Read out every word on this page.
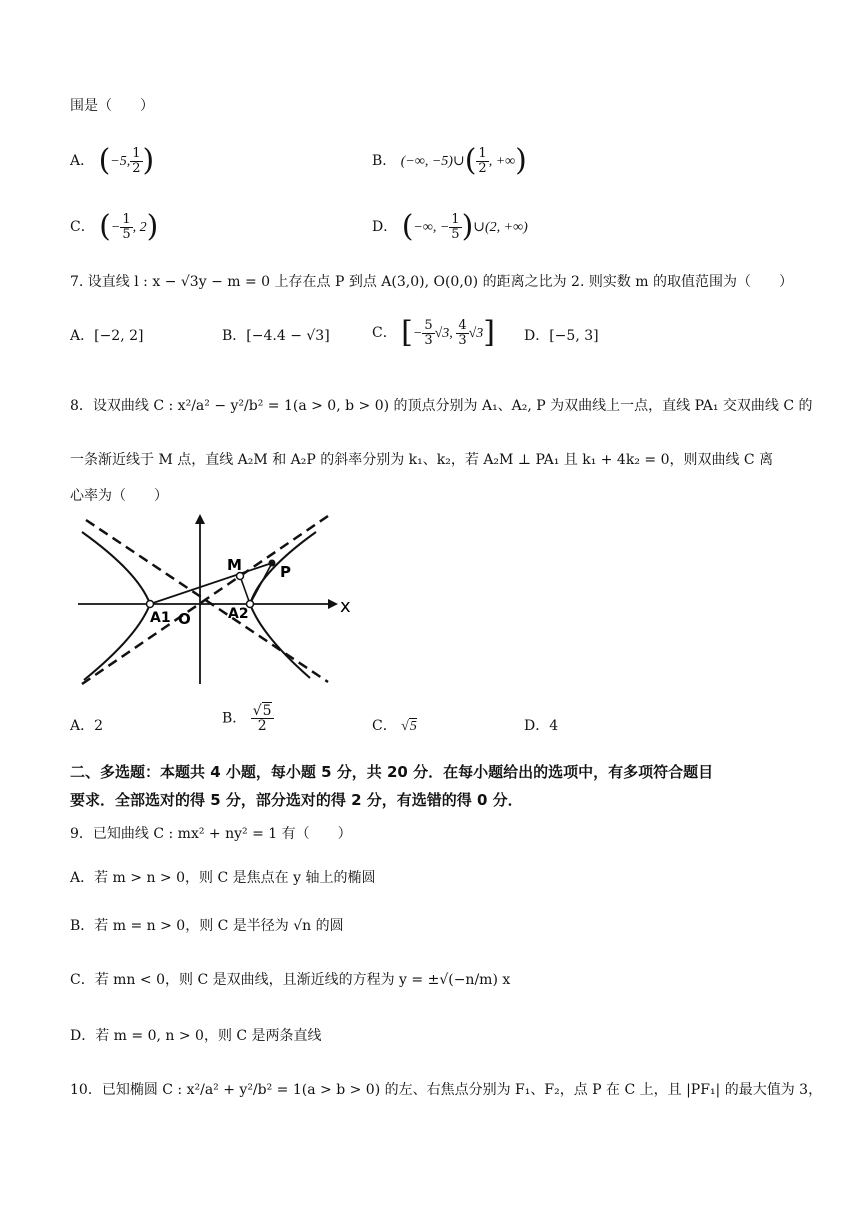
围是（　　）
A． (−5, $\frac{1}{2}$ )	B． (−∞, −5)∪( $\frac{1}{2}$ , +∞)
C． (− $\frac{1}{5}$ , 2)	D． (−∞, − $\frac{1}{5}$ )∪(2, +∞)
7. 设直线 l : x − √3y − m = 0 上存在点 P 到点 A(3,0), O(0,0) 的距离之比为 2. 则实数 m 的取值范围为（　　）
A．[−2, 2]	B．[−4.4 − √3]	C． [− $\frac{5}{3} √3$, $\frac{4}{3} √3$] D．[−5, 3]
8．设双曲线 C : x²/a² − y²/b² = 1(a > 0, b > 0) 的顶点分别为 A₁、A₂, P 为双曲线上一点，直线 PA₁ 交双曲线 C 的
一条渐近线于 M 点，直线 A₂M 和 A₂P 的斜率分别为 k₁、k₂，若 A₂M ⊥ PA₁ 且 k₁ + 4k₂ = 0，则双曲线 C 离
心率为（　　）
M	P
A1	A2
O
x
A．2	B． $\frac{√5}{2}$	C． √5	D．4
二、多选题：本题共 4 小题，每小题 5 分，共 20 分．在每小题给出的选项中，有多项符合题目
要求．全部选对的得 5 分，部分选对的得 2 分，有选错的得 0 分．
9．已知曲线 C : mx² + ny² = 1 有（　　）
A．若 m > n > 0，则 C 是焦点在 y 轴上的椭圆
B．若 m = n > 0，则 C 是半径为 √n 的圆
C．若 mn < 0，则 C 是双曲线，且渐近线的方程为 y = ±√(−n/m) x
D．若 m = 0, n > 0，则 C 是两条直线
10．已知椭圆 C : x²/a² + y²/b² = 1(a > b > 0) 的左、右焦点分别为 F₁、F₂，点 P 在 C 上，且 |PF₁| 的最大值为 3，
